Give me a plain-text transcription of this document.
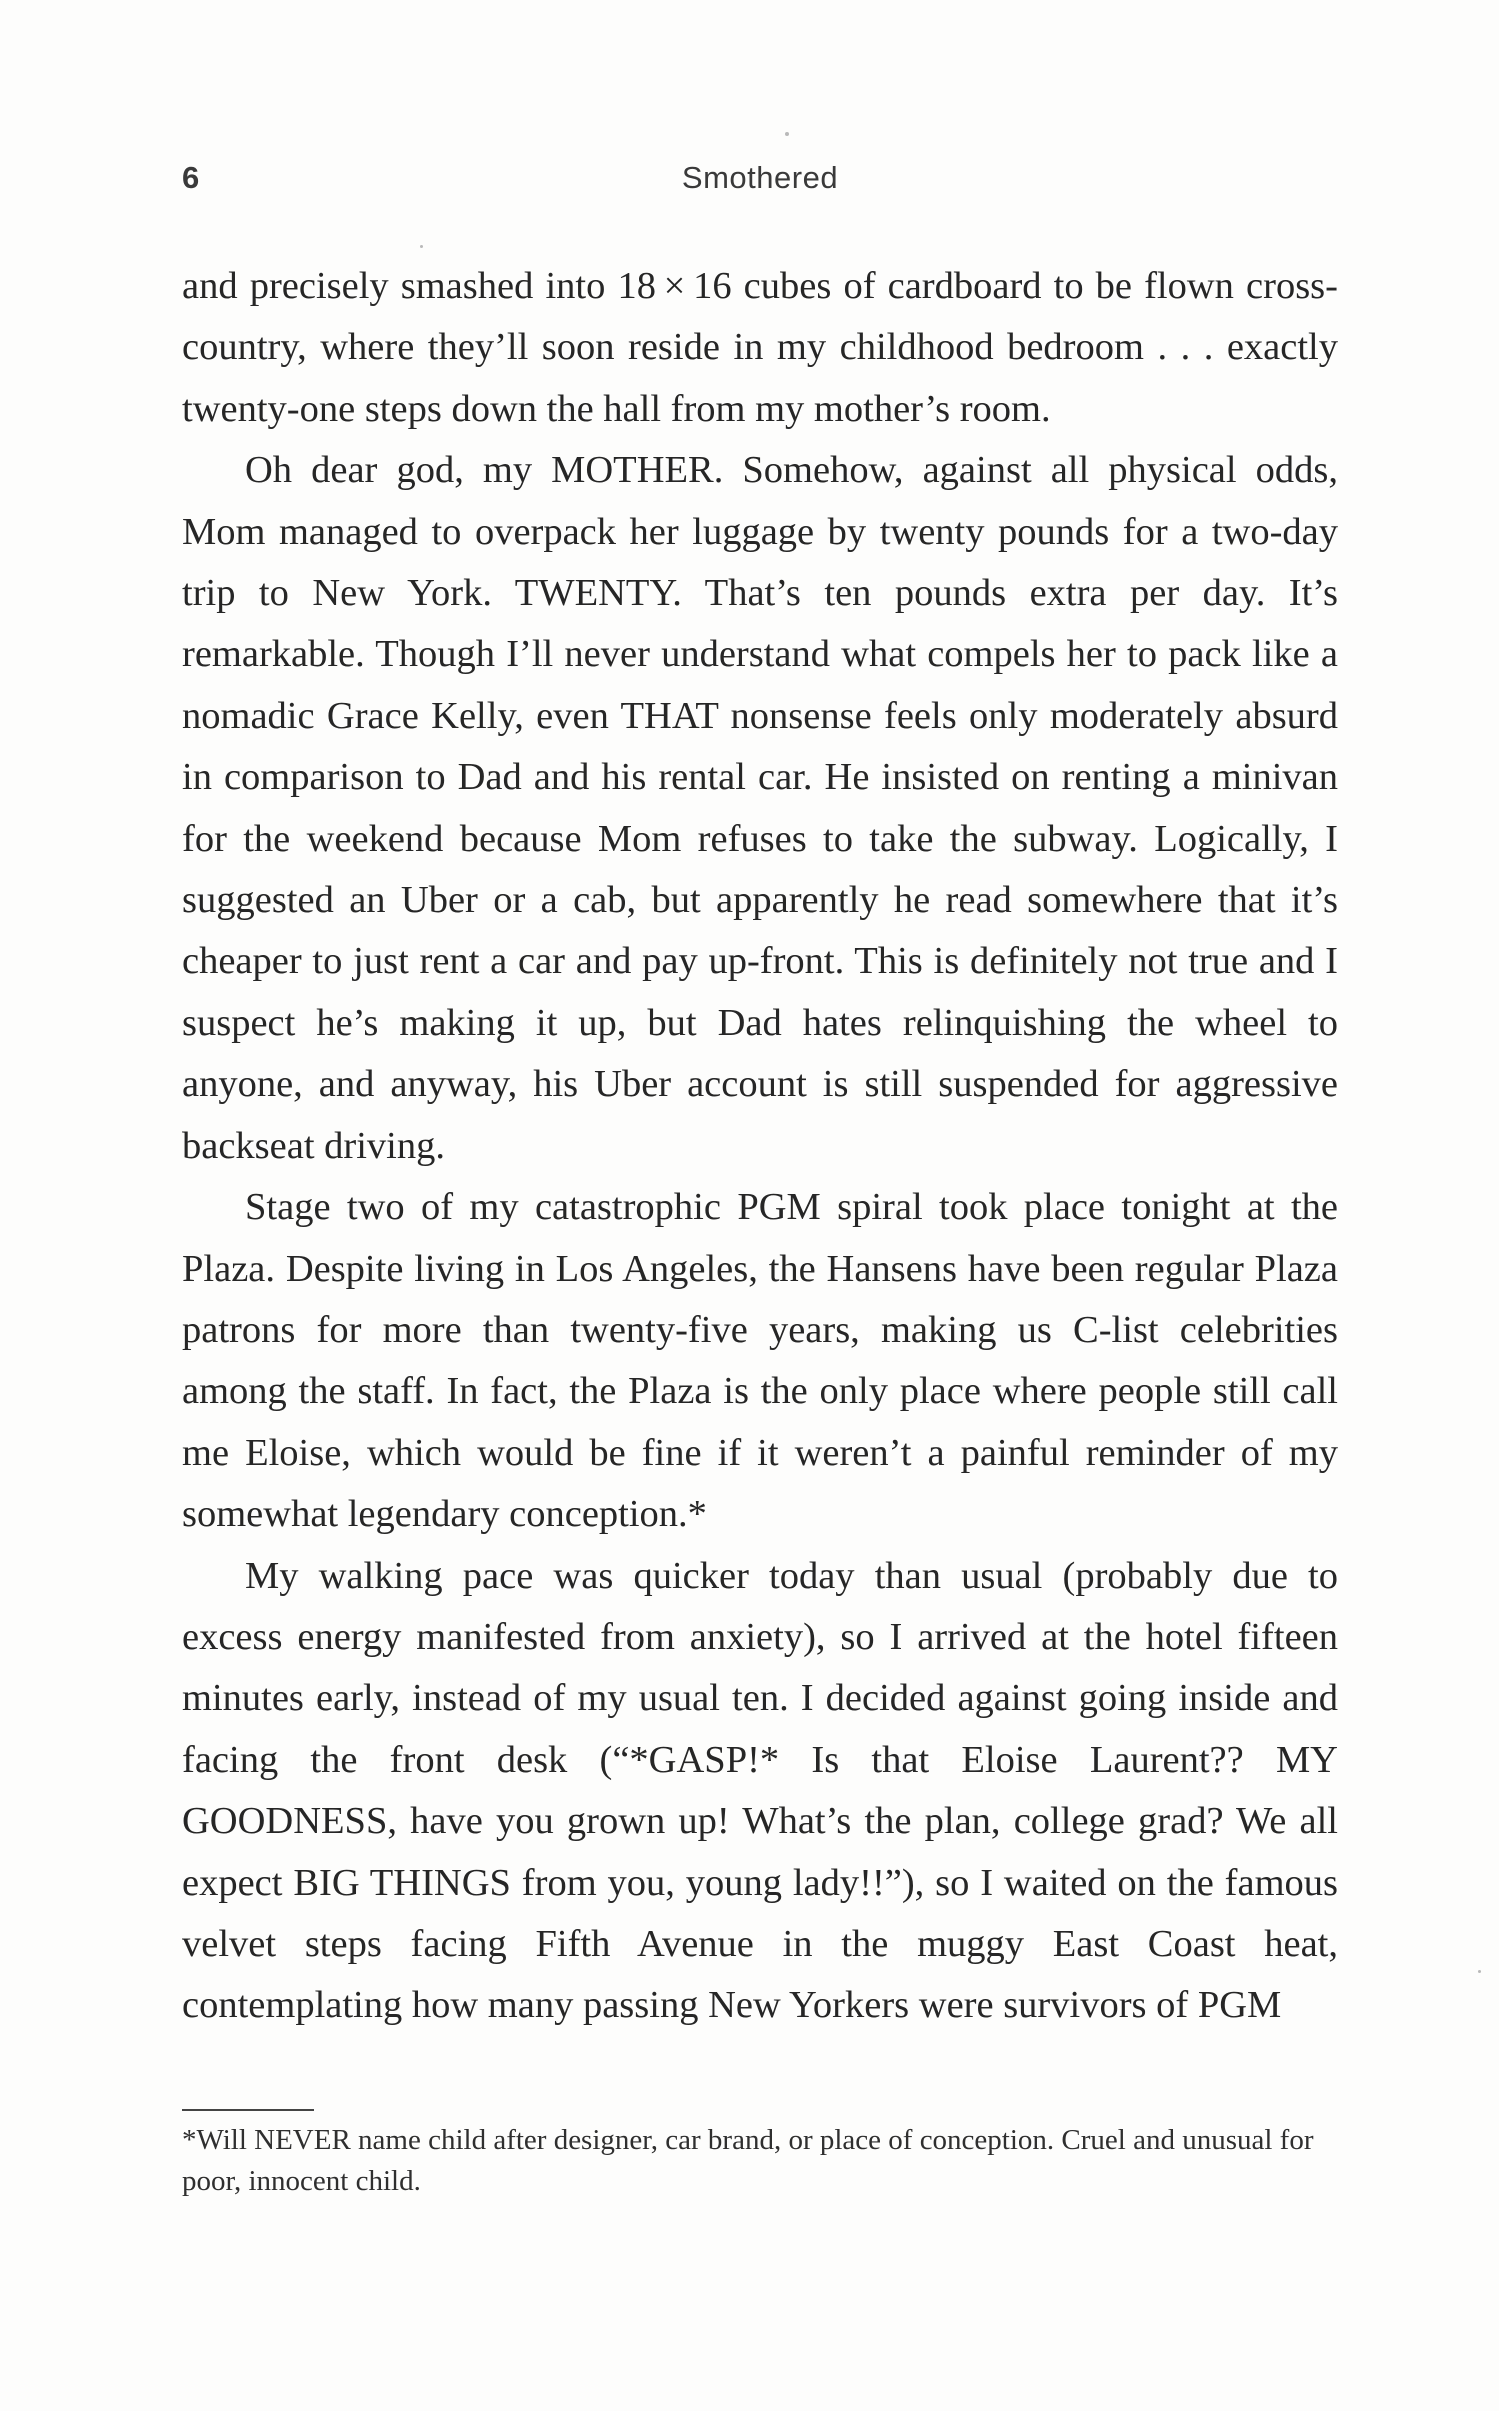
6	Smothered

and precisely smashed into 18 × 16 cubes of cardboard to be flown cross-country, where they’ll soon reside in my childhood bedroom . . . exactly twenty-one steps down the hall from my mother’s room.

Oh dear god, my MOTHER. Somehow, against all physical odds, Mom managed to overpack her luggage by twenty pounds for a two-day trip to New York. TWENTY. That’s ten pounds extra per day. It’s remarkable. Though I’ll never understand what compels her to pack like a nomadic Grace Kelly, even THAT nonsense feels only moderately absurd in comparison to Dad and his rental car. He insisted on renting a minivan for the weekend because Mom refuses to take the subway. Logically, I suggested an Uber or a cab, but apparently he read somewhere that it’s cheaper to just rent a car and pay up-front. This is definitely not true and I suspect he’s making it up, but Dad hates relinquishing the wheel to anyone, and anyway, his Uber account is still suspended for aggressive backseat driving.

Stage two of my catastrophic PGM spiral took place tonight at the Plaza. Despite living in Los Angeles, the Hansens have been regular Plaza patrons for more than twenty-five years, making us C-list celebrities among the staff. In fact, the Plaza is the only place where people still call me Eloise, which would be fine if it weren’t a painful reminder of my somewhat legendary conception.*

My walking pace was quicker today than usual (probably due to excess energy manifested from anxiety), so I arrived at the hotel fifteen minutes early, instead of my usual ten. I decided against going inside and facing the front desk (“*GASP!* Is that Eloise Laurent?? MY GOODNESS, have you grown up! What’s the plan, college grad? We all expect BIG THINGS from you, young lady!!”), so I waited on the famous velvet steps facing Fifth Avenue in the muggy East Coast heat, contemplating how many passing New Yorkers were survivors of PGM

*Will NEVER name child after designer, car brand, or place of conception. Cruel and unusual for poor, innocent child.
